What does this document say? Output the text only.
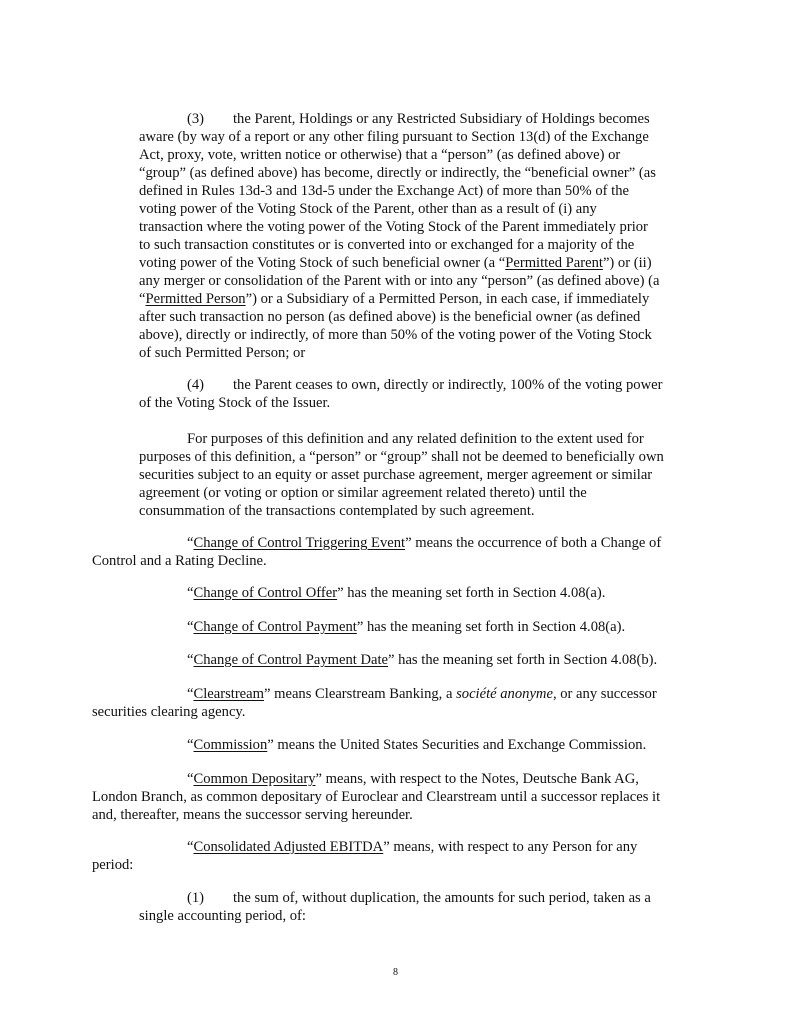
(3) the Parent, Holdings or any Restricted Subsidiary of Holdings becomes
aware (by way of a report or any other filing pursuant to Section 13(d) of the Exchange
Act, proxy, vote, written notice or otherwise) that a “person” (as defined above) or
“group” (as defined above) has become, directly or indirectly, the “beneficial owner” (as
defined in Rules 13d-3 and 13d-5 under the Exchange Act) of more than 50% of the
voting power of the Voting Stock of the Parent, other than as a result of (i) any
transaction where the voting power of the Voting Stock of the Parent immediately prior
to such transaction constitutes or is converted into or exchanged for a majority of the
voting power of the Voting Stock of such beneficial owner (a “Permitted Parent”) or (ii)
any merger or consolidation of the Parent with or into any “person” (as defined above) (a
“Permitted Person”) or a Subsidiary of a Permitted Person, in each case, if immediately
after such transaction no person (as defined above) is the beneficial owner (as defined
above), directly or indirectly, of more than 50% of the voting power of the Voting Stock
of such Permitted Person; or
(4) the Parent ceases to own, directly or indirectly, 100% of the voting power
of the Voting Stock of the Issuer.
For purposes of this definition and any related definition to the extent used for
purposes of this definition, a “person” or “group” shall not be deemed to beneficially own
securities subject to an equity or asset purchase agreement, merger agreement or similar
agreement (or voting or option or similar agreement related thereto) until the
consummation of the transactions contemplated by such agreement.
“Change of Control Triggering Event” means the occurrence of both a Change of
Control and a Rating Decline.
“Change of Control Offer” has the meaning set forth in Section 4.08(a).
“Change of Control Payment” has the meaning set forth in Section 4.08(a).
“Change of Control Payment Date” has the meaning set forth in Section 4.08(b).
“Clearstream” means Clearstream Banking, a société anonyme, or any successor
securities clearing agency.
“Commission” means the United States Securities and Exchange Commission.
“Common Depositary” means, with respect to the Notes, Deutsche Bank AG,
London Branch, as common depositary of Euroclear and Clearstream until a successor replaces it
and, thereafter, means the successor serving hereunder.
“Consolidated Adjusted EBITDA” means, with respect to any Person for any
period:
(1) the sum of, without duplication, the amounts for such period, taken as a
single accounting period, of:
8
